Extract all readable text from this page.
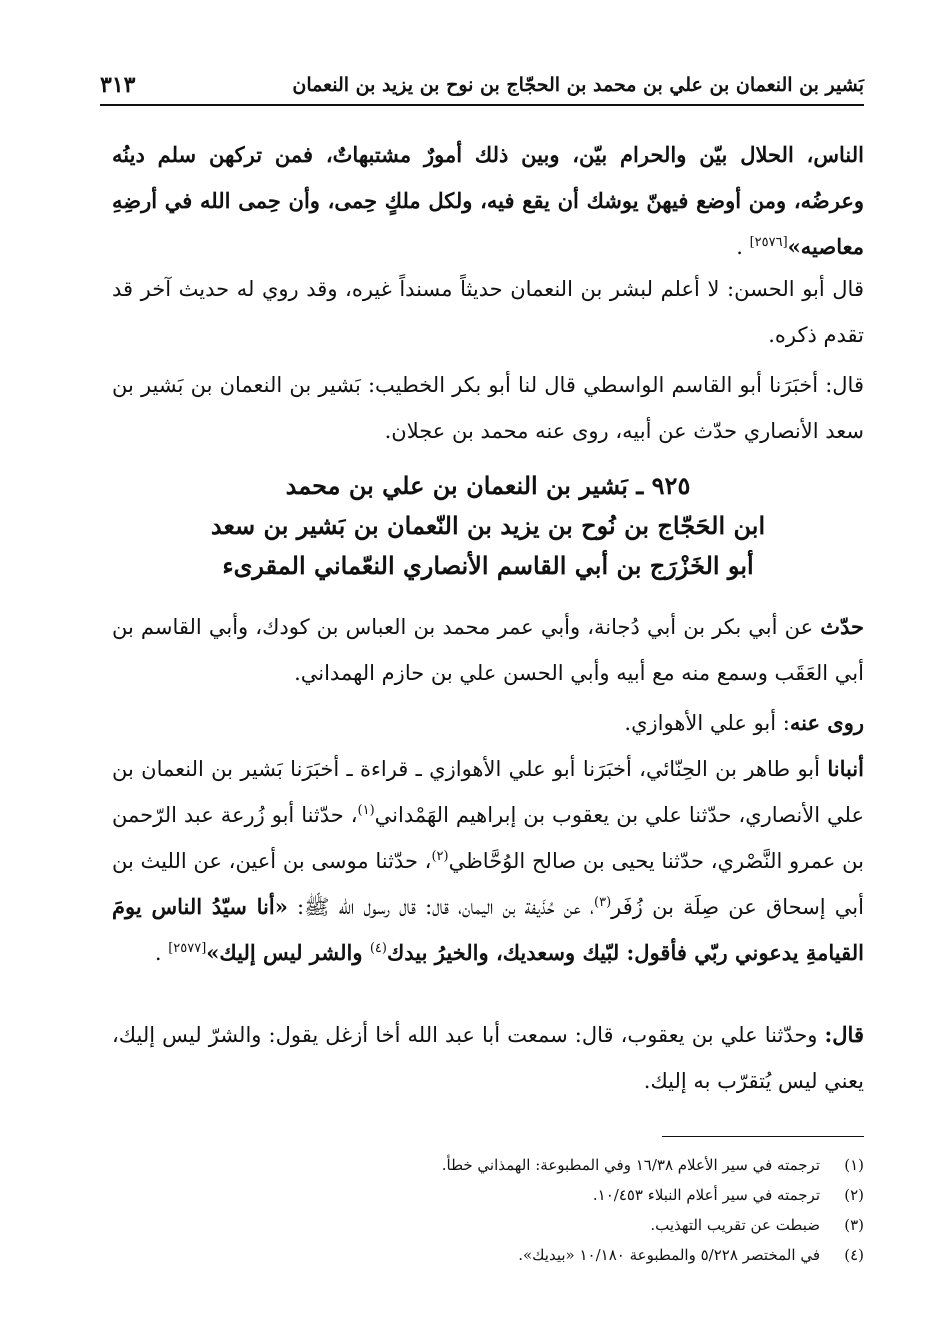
بَشير بن النعمان بن علي بن محمد بن الحجّاج بن نوح بن يزيد بن النعمان
٣١٣

الناس، الحلال بيّن والحرام بيّن، وبين ذلك أمورٌ مشتبهاتٌ، فمن تركهن سلم دينُه وعرضُه، ومن أوضع فيهنّ يوشك أن يقع فيه، ولكل ملكٍ حِمى، وأن حِمى الله في أرضِهِ معاصيه»[٢٥٧٦] .

قال أبو الحسن: لا أعلم لبشر بن النعمان حديثاً مسنداً غيره، وقد روي له حديث آخر قد تقدم ذكره.

قال: أخبَرَنا أبو القاسم الواسطي قال لنا أبو بكر الخطيب: بَشير بن النعمان بن بَشير بن سعد الأنصاري حدّث عن أبيه، روى عنه محمد بن عجلان.

٩٢٥ ـ بَشير بن النعمان بن علي بن محمد
ابن الحَجّاج بن نُوح بن يزيد بن النّعمان بن بَشير بن سعد
أبو الخَزْرَج بن أبي القاسم الأنصاري النعّماني المقرىء

حدّث عن أبي بكر بن أبي دُجانة، وأبي عمر محمد بن العباس بن كودك، وأبي القاسم بن أبي العَقَب وسمع منه مع أبيه وأبي الحسن علي بن حازم الهمداني.

روى عنه: أبو علي الأهوازي.

أنبانا أبو طاهر بن الحِنّائي، أخبَرَنا أبو علي الأهوازي ـ قراءة ـ أخبَرَنا بَشير بن النعمان بن علي الأنصاري، حدّثنا علي بن يعقوب بن إبراهيم الهَمْداني$^{(١)}$، حدّثنا أبو زُرعة عبد الرّحمن بن عمرو النَّصْري، حدّثنا يحيى بن صالح الوُحَّاظي$^{(٢)}$، حدّثنا موسى بن أعين، عن الليث بن أبي إسحاق عن صِلَة بن زُفَر$^{(٣)}$، عن حُذَيفة بن اليمان، قال: قال رسول الله ﷺ: «أنا سيّدُ الناس يومَ القيامةِ يدعوني ربّي فأقول: لبّيك وسعديك، والخيرُ بيدك$^{(٤)}$ والشر ليس إليك»[٢٥٧٧] .

قال: وحدّثنا علي بن يعقوب، قال: سمعت أبا عبد الله أخا أزغل يقول: والشرّ ليس إليك، يعني ليس يُتقرّب به إليك.

(١)ترجمته في سير الأعلام ١٦/٣٨ وفي المطبوعة: الهمذاني خطأ.
(٢)ترجمته في سير أعلام النبلاء ١٠/٤٥٣.
(٣)ضبطت عن تقريب التهذيب.
(٤)في المختصر ٥/٢٢٨ والمطبوعة ١٠/١٨٠ «بيديك».
